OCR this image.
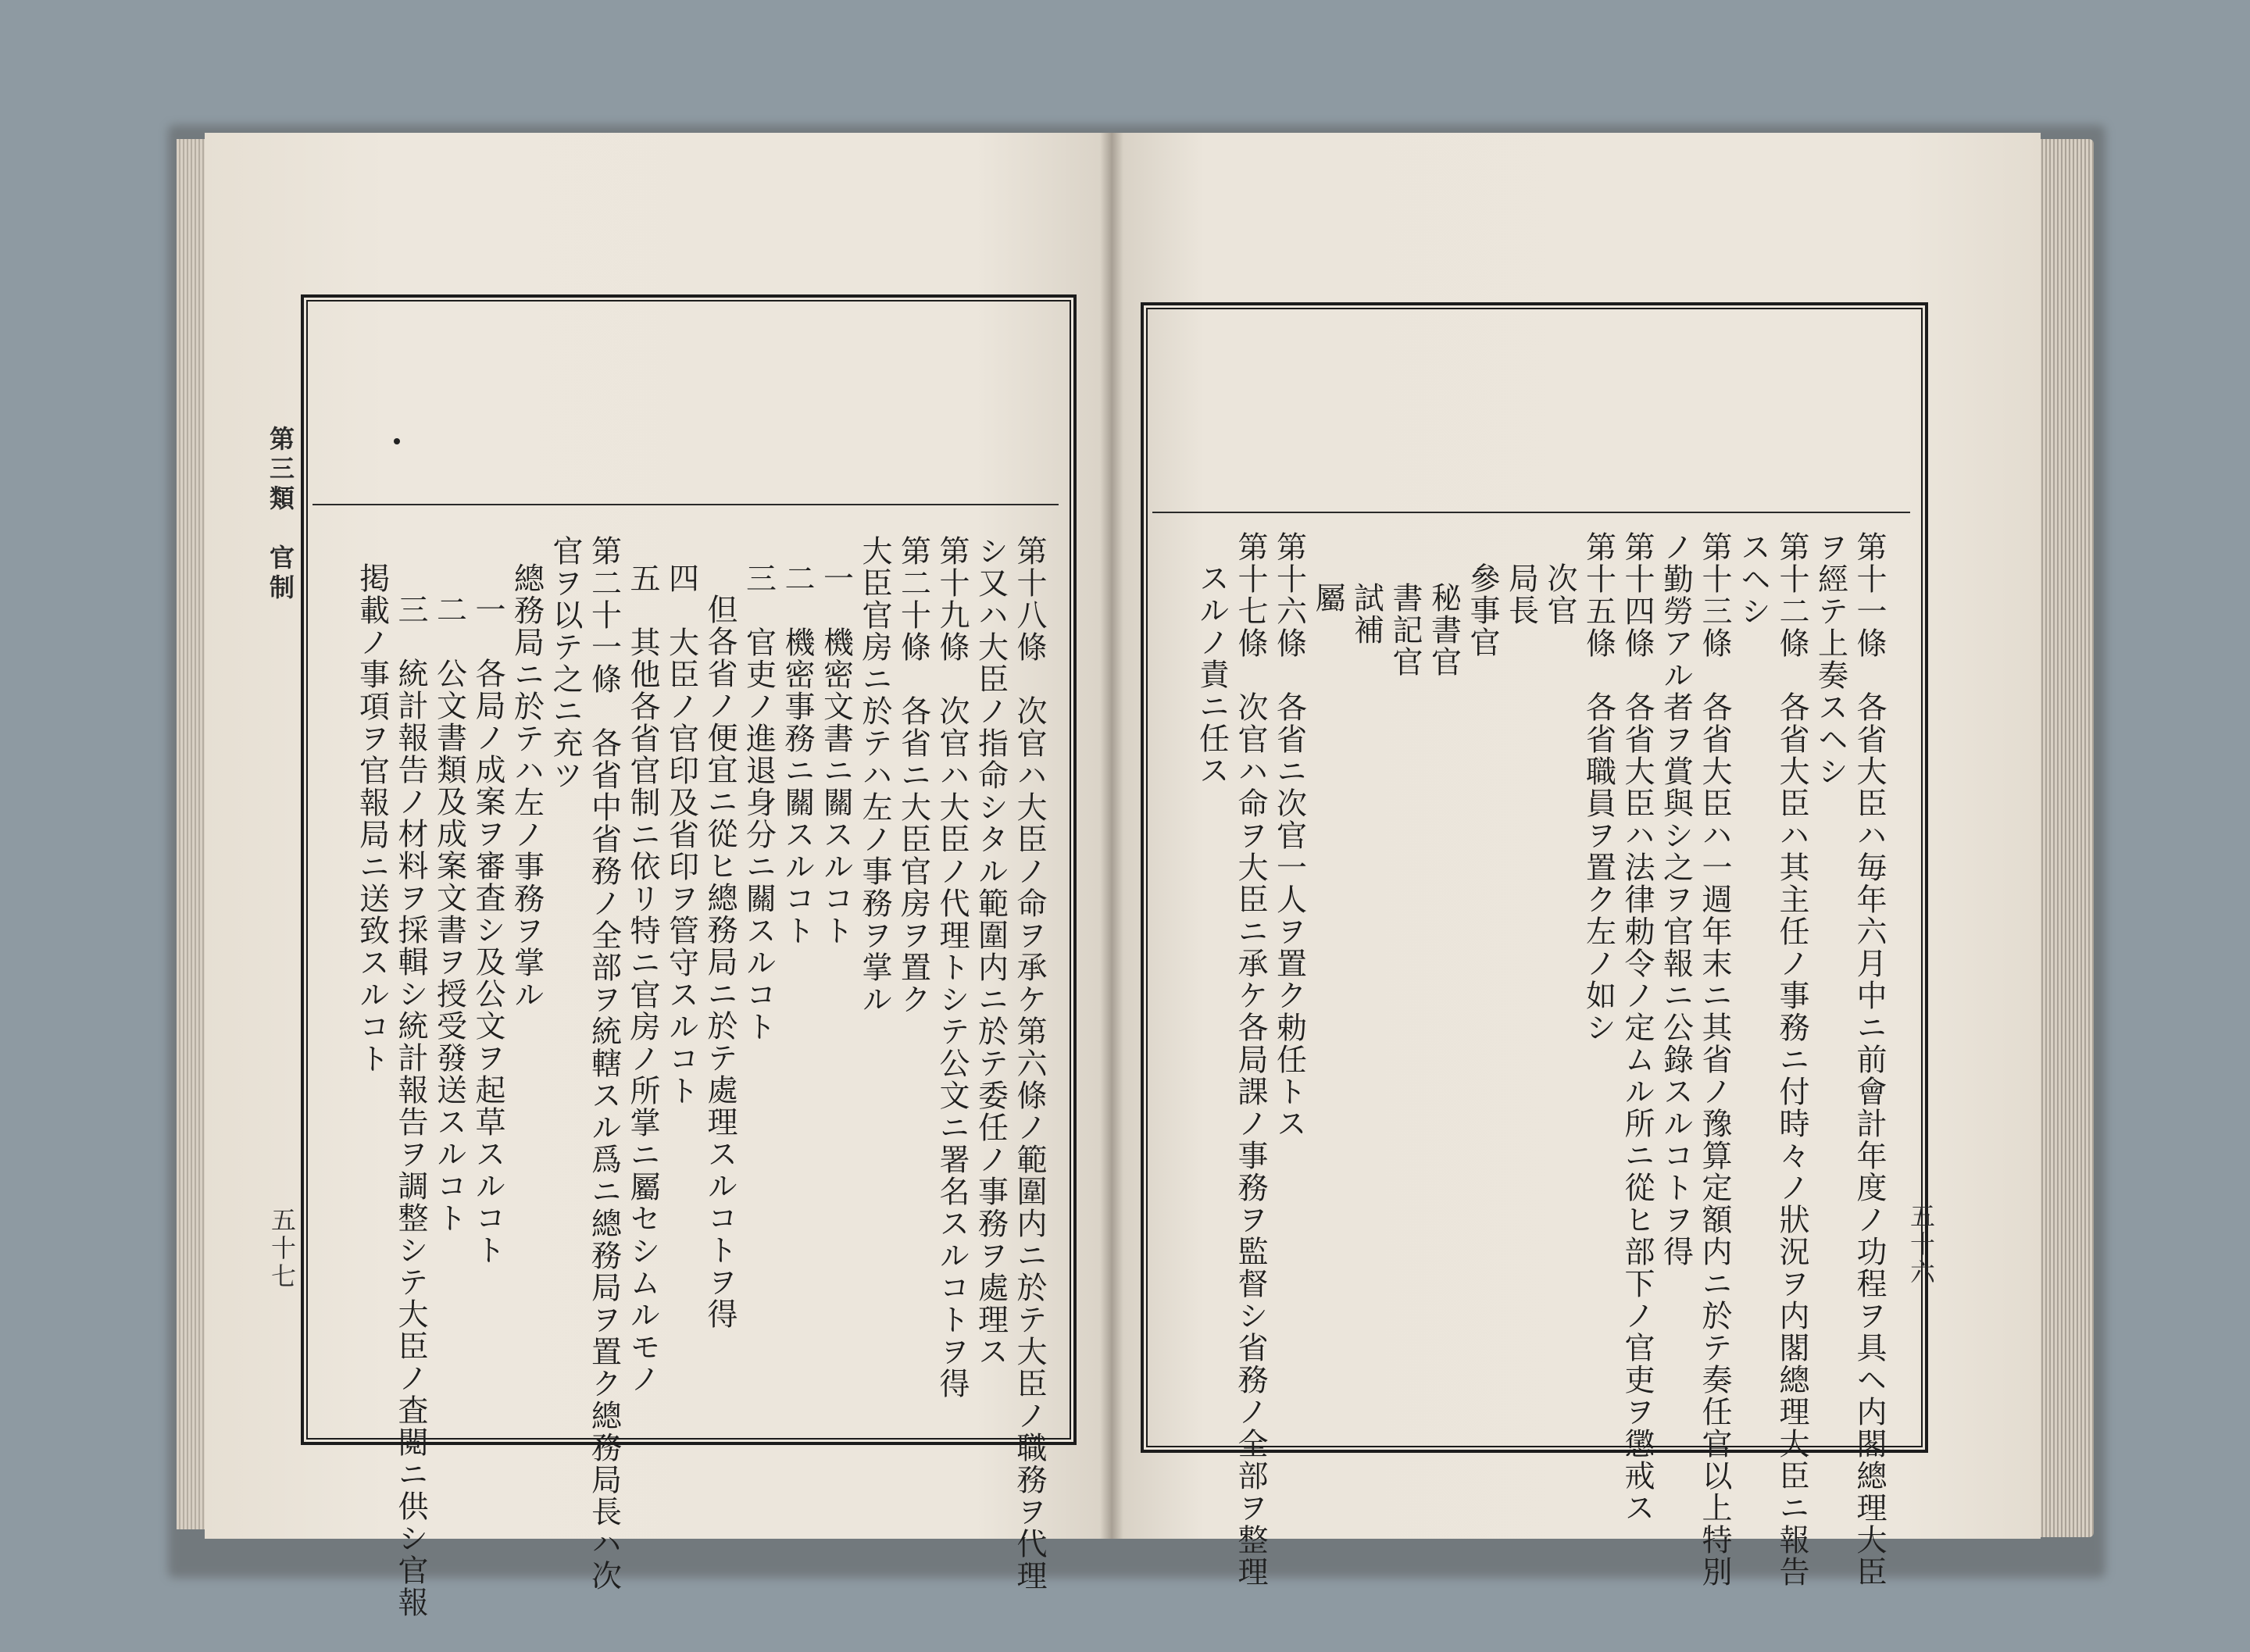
第三類　官制
五十七	第十八條　次官ハ大臣ノ命ヲ承ケ第六條ノ範圍内ニ於テ大臣ノ職務ヲ代理
シ又ハ大臣ノ指命シタル範圍内ニ於テ委任ノ事務ヲ處理ス
第十九條　次官ハ大臣ノ代理トシテ公文ニ署名スルコトヲ得
第二十條　各省ニ大臣官房ヲ置ク
大臣官房ニ於テハ左ノ事務ヲ掌ル
一　機密文書ニ關スルコト
二　機密事務ニ關スルコト
三　官吏ノ進退身分ニ關スルコト
但各省ノ便宜ニ從ヒ總務局ニ於テ處理スルコトヲ得
四　大臣ノ官印及省印ヲ管守スルコト
五　其他各省官制ニ依リ特ニ官房ノ所掌ニ屬セシムルモノ
第二十一條　各省中省務ノ全部ヲ統轄スル爲ニ總務局ヲ置ク總務局長ハ次
官ヲ以テ之ニ充ツ
總務局ニ於テハ左ノ事務ヲ掌ル
一　各局ノ成案ヲ審査シ及公文ヲ起草スルコト
二　公文書類及成案文書ヲ授受發送スルコト
三　統計報告ノ材料ヲ採輯シ統計報告ヲ調整シテ大臣ノ査閲ニ供シ官報
掲載ノ事項ヲ官報局ニ送致スルコト
五十六
第十一條　各省大臣ハ毎年六月中ニ前會計年度ノ功程ヲ具ヘ内閣總理大臣
ヲ經テ上奏スヘシ
第十二條　各省大臣ハ其主任ノ事務ニ付時々ノ狀況ヲ内閣總理大臣ニ報告
スヘシ
第十三條　各省大臣ハ一週年末ニ其省ノ豫算定額内ニ於テ奏任官以上特別
ノ勤勞アル者ヲ賞與シ之ヲ官報ニ公錄スルコトヲ得
第十四條　各省大臣ハ法律勅令ノ定ムル所ニ從ヒ部下ノ官吏ヲ懲戒ス
第十五條　各省職員ヲ置ク左ノ如シ
次官
局長
參事官
秘書官
書記官
試補
屬
第十六條　各省ニ次官一人ヲ置ク勅任トス
第十七條　次官ハ命ヲ大臣ニ承ケ各局課ノ事務ヲ監督シ省務ノ全部ヲ整理
スルノ責ニ任ス
